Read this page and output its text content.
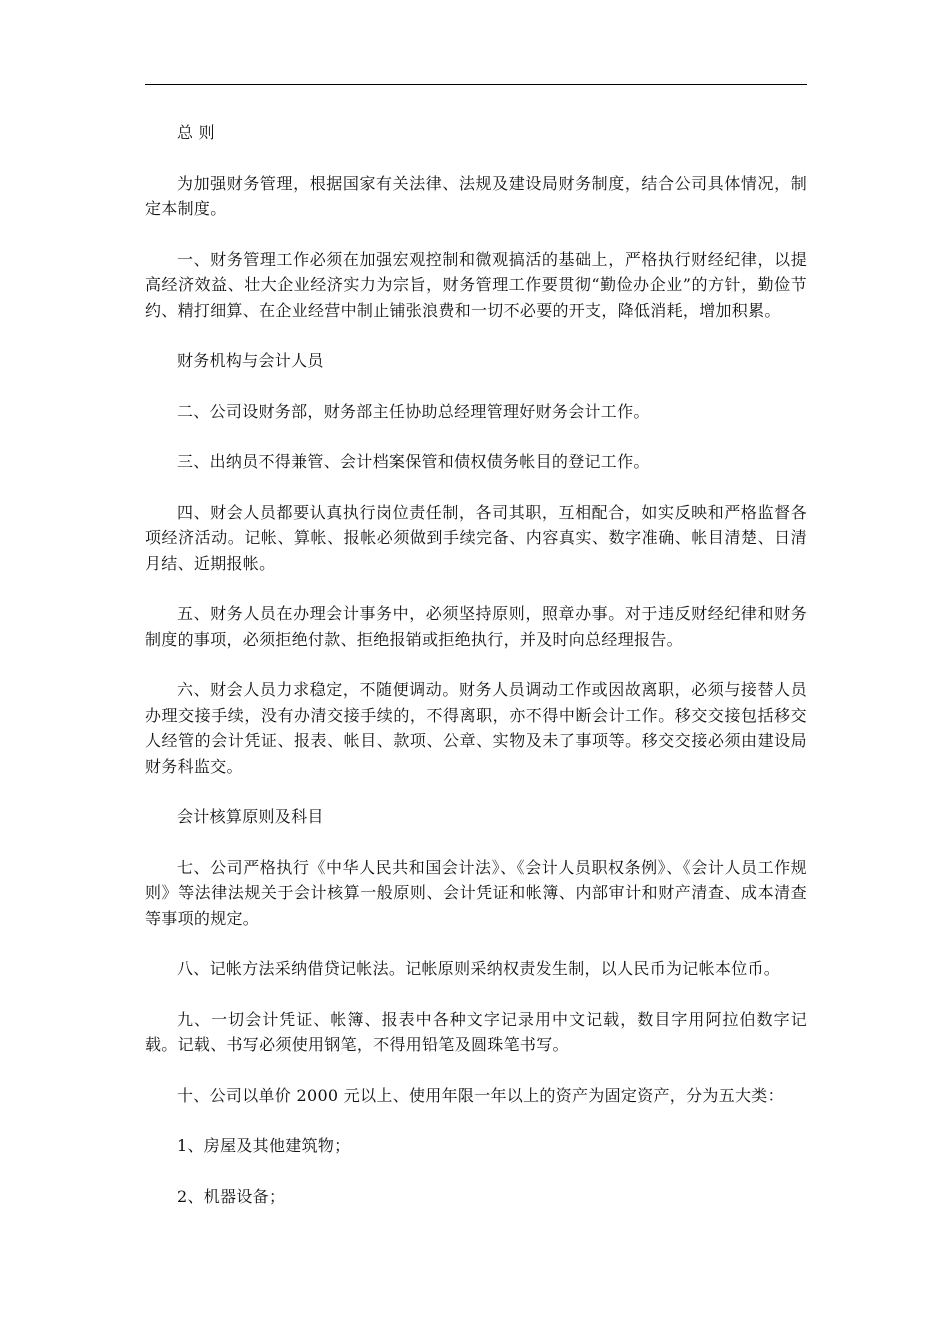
总 则

为加强财务管理，根据国家有关法律、法规及建设局财务制度，结合公司具体情况，制定本制度。

一、财务管理工作必须在加强宏观控制和微观搞活的基础上，严格执行财经纪律，以提高经济效益、壮大企业经济实力为宗旨，财务管理工作要贯彻“勤俭办企业”的方针，勤俭节约、精打细算、在企业经营中制止铺张浪费和一切不必要的开支，降低消耗，增加积累。

财务机构与会计人员

二、公司设财务部，财务部主任协助总经理管理好财务会计工作。

三、出纳员不得兼管、会计档案保管和债权债务帐目的登记工作。

四、财会人员都要认真执行岗位责任制，各司其职，互相配合，如实反映和严格监督各项经济活动。记帐、算帐、报帐必须做到手续完备、内容真实、数字准确、帐目清楚、日清月结、近期报帐。

五、财务人员在办理会计事务中，必须坚持原则，照章办事。对于违反财经纪律和财务制度的事项，必须拒绝付款、拒绝报销或拒绝执行，并及时向总经理报告。

六、财会人员力求稳定，不随便调动。财务人员调动工作或因故离职，必须与接替人员办理交接手续，没有办清交接手续的，不得离职，亦不得中断会计工作。移交交接包括移交人经管的会计凭证、报表、帐目、款项、公章、实物及未了事项等。移交交接必须由建设局财务科监交。

会计核算原则及科目

七、公司严格执行《中华人民共和国会计法》、《会计人员职权条例》、《会计人员工作规则》等法律法规关于会计核算一般原则、会计凭证和帐簿、内部审计和财产清查、成本清查等事项的规定。

八、记帐方法采纳借贷记帐法。记帐原则采纳权责发生制，以人民币为记帐本位币。

九、一切会计凭证、帐簿、报表中各种文字记录用中文记载，数目字用阿拉伯数字记载。记载、书写必须使用钢笔，不得用铅笔及圆珠笔书写。

十、公司以单价 2000 元以上、使用年限一年以上的资产为固定资产，分为五大类：

1、房屋及其他建筑物；

2、机器设备；
